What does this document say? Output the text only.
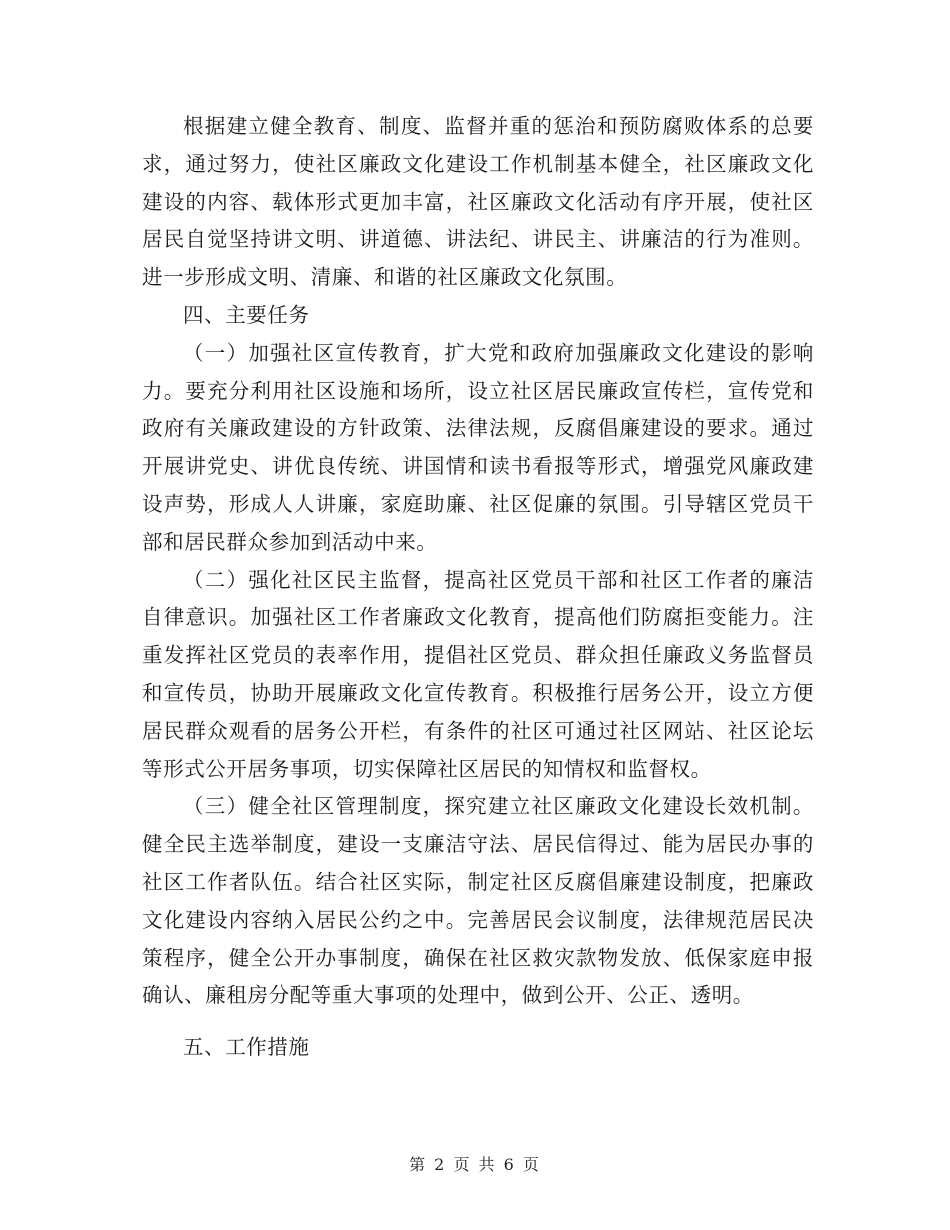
根据建立健全教育、制度、监督并重的惩治和预防腐败体系的总要求，通过努力，使社区廉政文化建设工作机制基本健全，社区廉政文化建设的内容、载体形式更加丰富，社区廉政文化活动有序开展，使社区居民自觉坚持讲文明、讲道德、讲法纪、讲民主、讲廉洁的行为准则。进一步形成文明、清廉、和谐的社区廉政文化氛围。

四、主要任务

（一）加强社区宣传教育，扩大党和政府加强廉政文化建设的影响力。要充分利用社区设施和场所，设立社区居民廉政宣传栏，宣传党和政府有关廉政建设的方针政策、法律法规，反腐倡廉建设的要求。通过开展讲党史、讲优良传统、讲国情和读书看报等形式，增强党风廉政建设声势，形成人人讲廉，家庭助廉、社区促廉的氛围。引导辖区党员干部和居民群众参加到活动中来。

（二）强化社区民主监督，提高社区党员干部和社区工作者的廉洁自律意识。加强社区工作者廉政文化教育，提高他们防腐拒变能力。注重发挥社区党员的表率作用，提倡社区党员、群众担任廉政义务监督员和宣传员，协助开展廉政文化宣传教育。积极推行居务公开，设立方便居民群众观看的居务公开栏，有条件的社区可通过社区网站、社区论坛等形式公开居务事项，切实保障社区居民的知情权和监督权。

（三）健全社区管理制度，探究建立社区廉政文化建设长效机制。健全民主选举制度，建设一支廉洁守法、居民信得过、能为居民办事的社区工作者队伍。结合社区实际，制定社区反腐倡廉建设制度，把廉政文化建设内容纳入居民公约之中。完善居民会议制度，法律规范居民决策程序，健全公开办事制度，确保在社区救灾款物发放、低保家庭申报确认、廉租房分配等重大事项的处理中，做到公开、公正、透明。

五、工作措施

第 2 页 共 6 页
